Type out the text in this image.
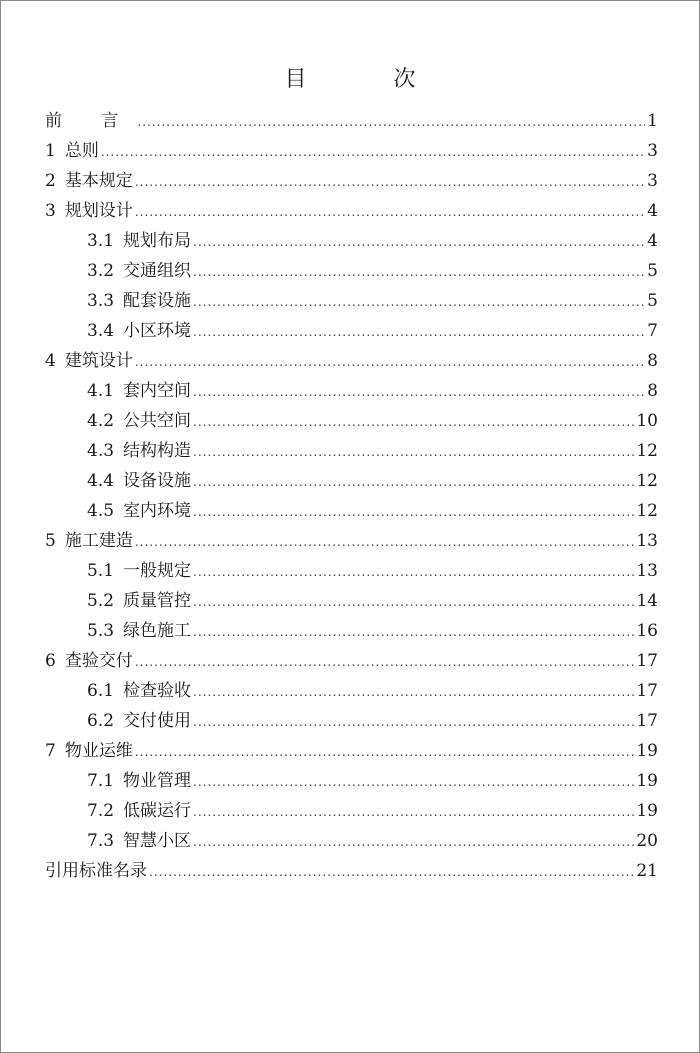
目 次
前 言 .....	1
1 总则 .....	3
2 基本规定 .....	3
3 规划设计 .....	4
3.1 规划布局 .....	4
3.2 交通组织 .....	5
3.3 配套设施 .....	5
3.4 小区环境 .....	7
4 建筑设计 .....	8
4.1 套内空间 .....	8
4.2 公共空间 .....	10
4.3 结构构造 .....	12
4.4 设备设施 .....	12
4.5 室内环境 .....	12
5 施工建造 .....	13
5.1 一般规定 .....	13
5.2 质量管控 .....	14
5.3 绿色施工 .....	16
6 查验交付 .....	17
6.1 检查验收 .....	17
6.2 交付使用 .....	17
7 物业运维 .....	19
7.1 物业管理 .....	19
7.2 低碳运行 .....	19
7.3 智慧小区 .....	20
引用标准名录 .....	21
